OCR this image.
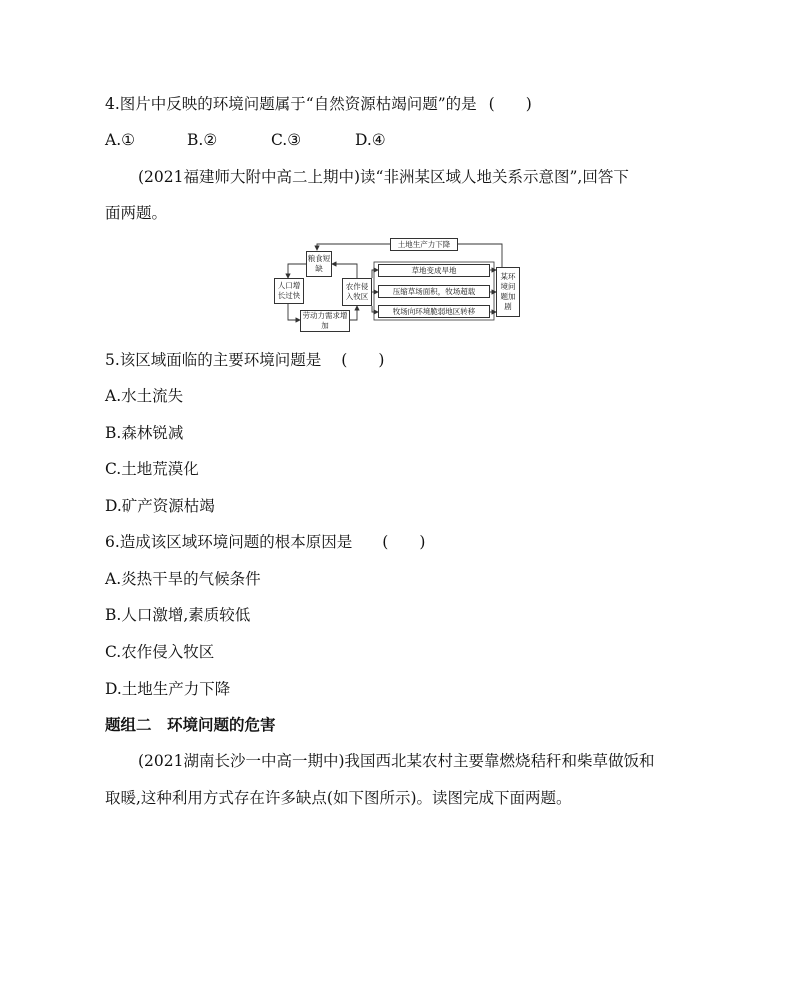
4.图片中反映的环境问题属于“自然资源枯竭问题”的是 (　　)
A.①	B.②	C.③	D.④
(2021福建师大附中高二上期中)读“非洲某区域人地关系示意图”,回答下
面两题。
土地生产力下降
粮食短缺
人口增长过快
劳动力需求增加
农作侵入牧区
草地变成旱地
压缩草场面积，牧场超载
牧场向环境脆弱地区转移
某环境问题加剧
5.该区域面临的主要环境问题是 (　　)
A.水土流失
B.森林锐减
C.土地荒漠化
D.矿产资源枯竭
6.造成该区域环境问题的根本原因是 (　　)
A.炎热干旱的气候条件
B.人口激增,素质较低
C.农作侵入牧区
D.土地生产力下降
题组二　环境问题的危害
(2021湖南长沙一中高一期中)我国西北某农村主要靠燃烧秸秆和柴草做饭和
取暖,这种利用方式存在许多缺点(如下图所示)。读图完成下面两题。
